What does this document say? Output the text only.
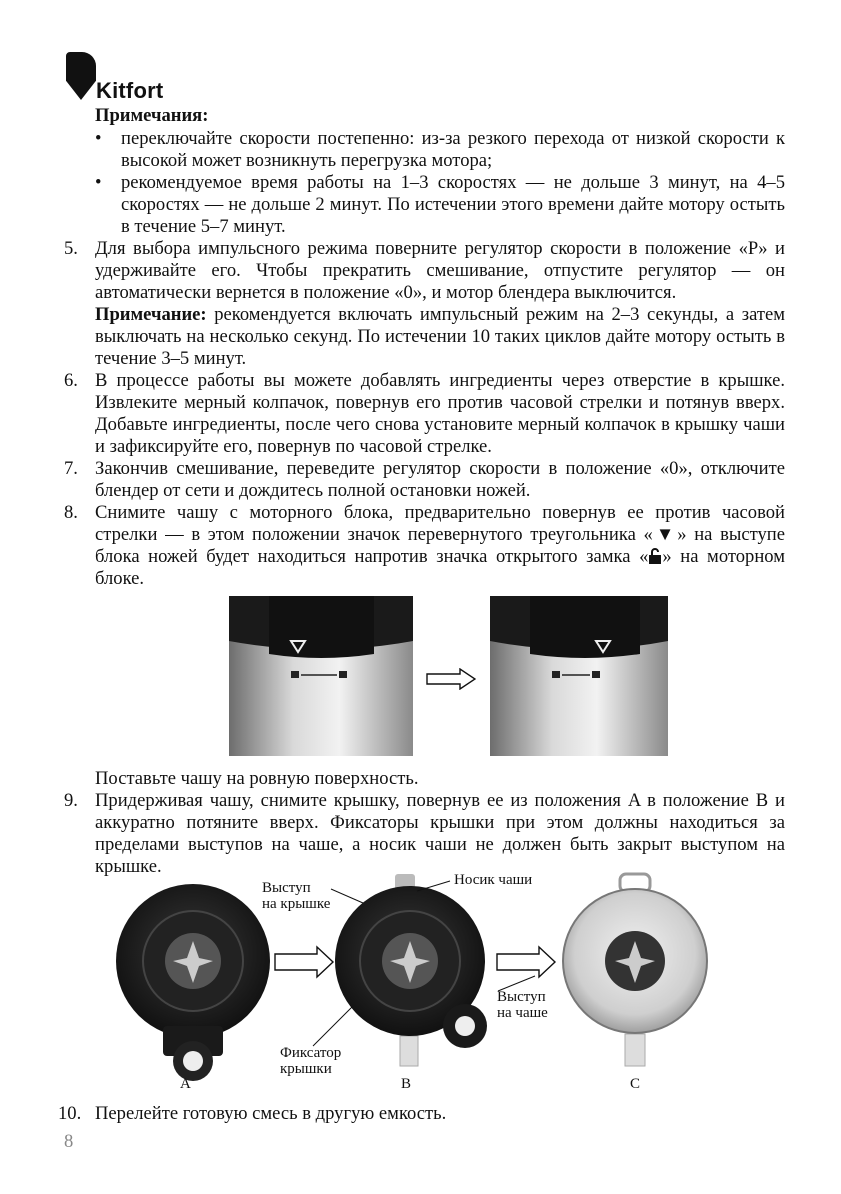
Kitfort
Примечания:
• переключайте скорости постепенно: из-за резкого перехода от низкой скорости к высокой может возникнуть перегрузка мотора;
• рекомендуемое время работы на 1–3 скоростях — не дольше 3 минут, на 4–5 скоростях — не дольше 2 минут. По истечении этого времени дайте мотору остыть в течение 5–7 минут.
5. Для выбора импульсного режима поверните регулятор скорости в положение «P» и удерживайте его. Чтобы прекратить смешивание, отпустите регулятор — он автоматически вернется в положение «0», и мотор блендера выключится.
Примечание: рекомендуется включать импульсный режим на 2–3 секунды, а затем выключать на несколько секунд. По истечении 10 таких циклов дайте мотору остыть в течение 3–5 минут.
6. В процессе работы вы можете добавлять ингредиенты через отверстие в крышке. Извлеките мерный колпачок, повернув его против часовой стрелки и потянув вверх. Добавьте ингредиенты, после чего снова установите мерный колпачок в крышку чаши и зафиксируйте его, повернув по часовой стрелке.
7. Закончив смешивание, переведите регулятор скорости в положение «0», отключите блендер от сети и дождитесь полной остановки ножей.
8. Снимите чашу с моторного блока, предварительно повернув ее против часовой стрелки — в этом положении значок перевернутого треугольника «▼» на выступе блока ножей будет находиться напротив значка открытого замка « » на моторном блоке.
Поставьте чашу на ровную поверхность.
9. Придерживая чашу, снимите крышку, повернув ее из положения A в положение B и аккуратно потяните вверх. Фиксаторы крышки при этом должны находиться за пределами выступов на чаше, а носик чаши не должен быть закрыт выступом на крышке.
Выступ
на крышке
Носик чаши
Выступ
на чаше
Фиксатор
крышки
A	B	C
10. Перелейте готовую смесь в другую емкость.
8
